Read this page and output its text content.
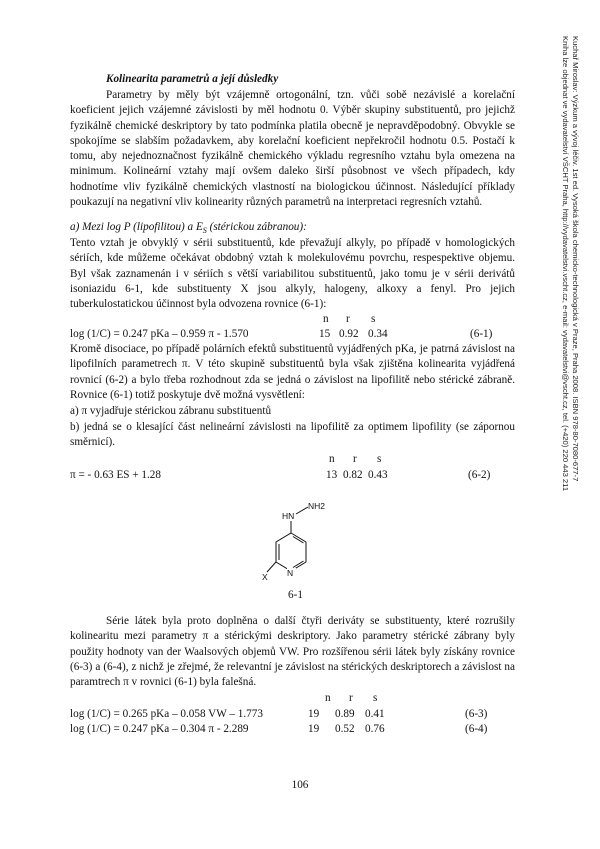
Kolinearita parametrů a její důsledky

Parametry by měly být vzájemně ortogonální, tzn. vůči sobě nezávislé a korelační koeficient jejich vzájemné závislosti by měl hodnotu 0. Výběr skupiny substituentů, pro jejichž fyzikálně chemické deskriptory by tato podmínka platila obecně je nepravděpodobný. Obvykle se spokojíme se slabším požadavkem, aby korelační koeficient nepřekročil hodnotu 0.5. Postačí k tomu, aby nejednoznačnost fyzikálně chemického výkladu regresního vztahu byla omezena na minimum. Kolineární vztahy mají ovšem daleko širší působnost ve všech případech, kdy hodnotíme vliv fyzikálně chemických vlastností na biologickou účinnost. Následující příklady poukazují na negativní vliv kolinearity různých parametrů na interpretaci regresních vztahů.

a) Mezi log P (lipofilitou) a $E_S$ (stérickou zábranou):

Tento vztah je obvyklý v sérii substituentů, kde převažují alkyly, po případě v homologických sériích, kde můžeme očekávat obdobný vztah k molekulovému povrchu, respespektive objemu. Byl však zaznamenán i v sériích s větší variabilitou substituentů, jako tomu je v sérii derivátů isoniazidu 6-1, kde substituenty X jsou alkyly, halogeny, alkoxy a fenyl. Pro jejich tuberkulostatickou účinnost byla odvozena rovnice (6-1):

n r s
log (1/C) = 0.247 pKa – 0.959 π - 1.570	15 0.92 0.34	(6-1)

Kromě disociace, po případě polárních efektů substituentů vyjádřených pKa, je patrná závislost na lipofilních parametrech π. V této skupině substituentů byla však zjištěna kolinearita vyjádřená rovnicí (6-2) a bylo třeba rozhodnout zda se jedná o závislost na lipofilitě nebo stérické zábraně. Rovnice (6-1) totiž poskytuje dvě možná vysvětlení:

a) π vyjadřuje stérickou zábranu substituentů

b) jedná se o klesající část nelineární závislosti na lipofilitě za optimem lipofility (se zápornou směrnicí).

n r s
π = - 0.63 ES + 1.28	13 0.82 0.43	(6-2)
HN
NH2
X N
6-1

Série látek byla proto doplněna o další čtyři deriváty se substituenty, které rozrušily kolinearitu mezi parametry π a stérickými deskriptory. Jako parametry stérické zábrany byly použity hodnoty van der Waalsových objemů VW. Pro rozšířenou sérii látek byly získány rovnice (6-3) a (6-4), z nichž je zřejmé, že relevantní je závislost na stérických deskriptorech a závislost na paramtrech π v rovnici (6-1) byla falešná.

n r s
log (1/C) = 0.265 pKa – 0.058 VW – 1.773	19 0.89 0.41	(6-3)
log (1/C) = 0.247 pKa – 0.304 π - 2.289	19 0.52 0.76	(6-4)
106
Kuchař Miroslav: Výzkum a vývoj léčiv. 1st ed. Vysoká škola chemicko-technologická v Praze, Praha 2008. ISBN 978-80-7080-677-7
Kniha lze objednat ve vydavatelství VŠCHT Praha, http://vydavatelstvi.vscht.cz, e-mail: vydavatelstvi@vscht.cz, tel. (+420) 220 443 211
